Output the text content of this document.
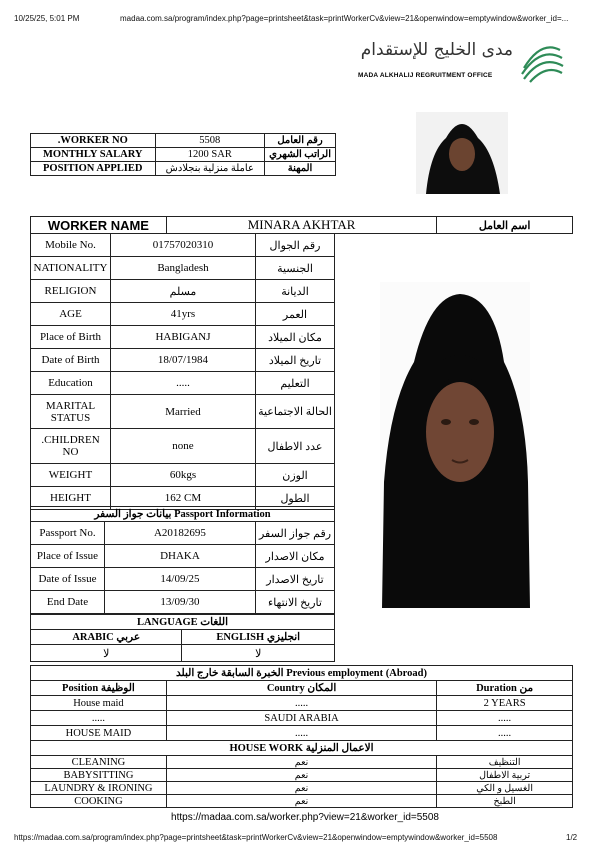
10/25/25, 5:01 PM	madaa.com.sa/program/index.php?page=printsheet&task=printWorkerCv&view=21&openwindow=emptywindow&worker_id=...
مدى الخليج للإستقدام
MADA ALKHALIJ REGRUITMENT OFFICE
.WORKER NO	5508	رقم العامل
MONTHLY SALARY	1200 SAR	الراتب الشهري
POSITION APPLIED	عاملة منزلية بنجلادش	المهنة
WORKER NAME	MINARA AKHTAR	اسم العامل
Mobile No.	01757020310	رقم الجوال
NATIONALITY	Bangladesh	الجنسية
RELIGION	مسلم	الديانة
AGE	41yrs	العمر
Place of Birth	HABIGANJ	مكان الميلاد
Date of Birth	18/07/1984	تاريخ الميلاد
Education	.....	التعليم
MARITAL STATUS	Married	الحالة الاجتماعية
.CHILDREN NO	none	عدد الاطفال
WEIGHT	60kgs	الوزن
HEIGHT	162 CM	الطول
بيانات جواز السفر Passport Information		
Passport No.	A20182695	رقم جواز السفر
Place of Issue	DHAKA	مكان الاصدار
Date of Issue	14/09/25	تاريخ الاصدار
End Date	13/09/30	تاريخ الانتهاء
LANGUAGE اللغات	
ARABIC عربي	ENGLISH انجليزي
لا	لا
الخبرة السابقة خارج البلد Previous employment (Abroad)		
Position الوظيفة	Country المكان	Duration من
House maid	.....	2 YEARS
.....	SAUDI ARABIA	.....
HOUSE MAID	.....	.....
HOUSE WORK الاعمال المنزلية		
CLEANING	نعم	التنظيف
BABYSITTING	نعم	تربية الاطفال
LAUNDRY & IRONING	نعم	الغسيل و الكي
COOKING	نعم	الطبخ
https://madaa.com.sa/worker.php?view=21&worker_id=5508
https://madaa.com.sa/program/index.php?page=printsheet&task=printWorkerCv&view=21&openwindow=emptywindow&worker_id=5508	1/2
